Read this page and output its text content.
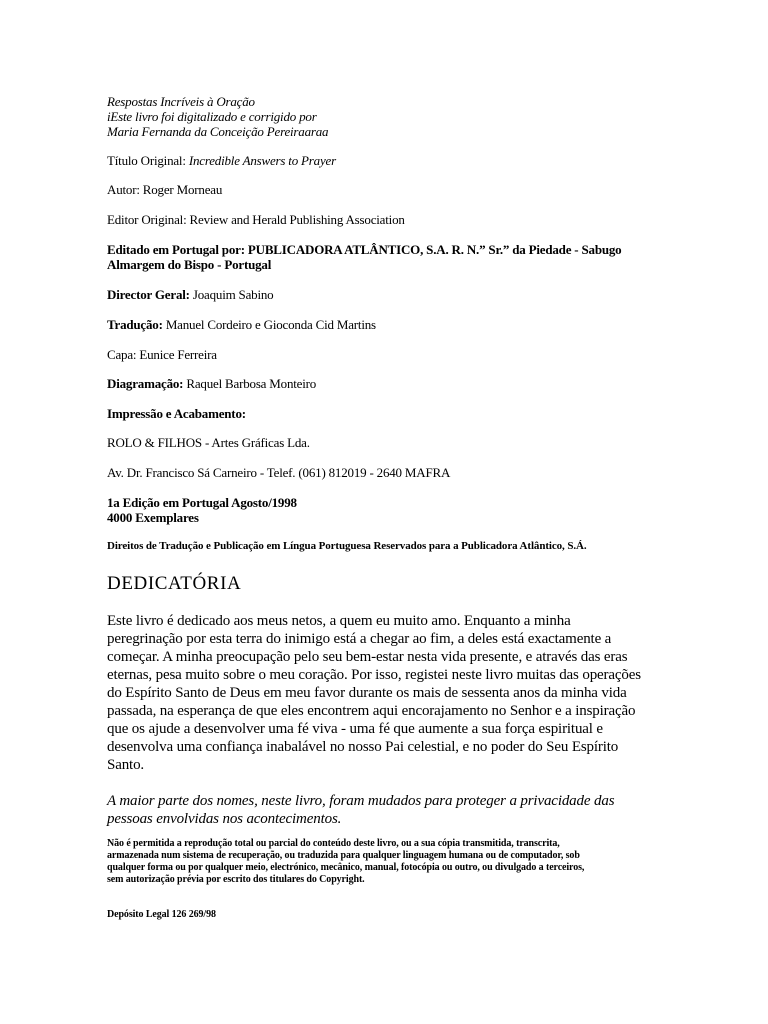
Respostas Incríveis à Oração
iEste livro foi digitalizado e corrigido por
Maria Fernanda da Conceição Pereiraaraa

Título Original: Incredible Answers to Prayer

Autor: Roger Morneau

Editor Original: Review and Herald Publishing Association

Editado em Portugal por: PUBLICADORA ATLÂNTICO, S.A. R. N.” Sr.” da Piedade - Sabugo
Almargem do Bispo - Portugal

Director Geral: Joaquim Sabino

Tradução: Manuel Cordeiro e Gioconda Cid Martins

Capa: Eunice Ferreira

Diagramação: Raquel Barbosa Monteiro

Impressão e Acabamento:

ROLO & FILHOS - Artes Gráficas Lda.

Av. Dr. Francisco Sá Carneiro - Telef. (061) 812019 - 2640 MAFRA

1a Edição em Portugal Agosto/1998
4000 Exemplares

Direitos de Tradução e Publicação em Língua Portuguesa Reservados para a Publicadora Atlântico, S.Á.

DEDICATÓRIA
Este livro é dedicado aos meus netos, a quem eu muito amo. Enquanto a minha
peregrinação por esta terra do inimigo está a chegar ao fim, a deles está exactamente a
começar. A minha preocupação pelo seu bem-estar nesta vida presente, e através das eras
eternas, pesa muito sobre o meu coração. Por isso, registei neste livro muitas das operações
do Espírito Santo de Deus em meu favor durante os mais de sessenta anos da minha vida
passada, na esperança de que eles encontrem aqui encorajamento no Senhor e a inspiração
que os ajude a desenvolver uma fé viva - uma fé que aumente a sua força espiritual e
desenvolva uma confiança inabalável no nosso Pai celestial, e no poder do Seu Espírito
Santo.
A maior parte dos nomes, neste livro, foram mudados para proteger a privacidade das
pessoas envolvidas nos acontecimentos.
Não é permitida a reprodução total ou parcial do conteúdo deste livro, ou a sua cópia transmitida, transcrita,
armazenada num sistema de recuperação, ou traduzida para qualquer linguagem humana ou de computador, sob
qualquer forma ou por qualquer meio, electrónico, mecânico, manual, fotocópia ou outro, ou divulgado a terceiros,
sem autorização prévia por escrito dos titulares do Copyright.

Depósito Legal 126 269/98
